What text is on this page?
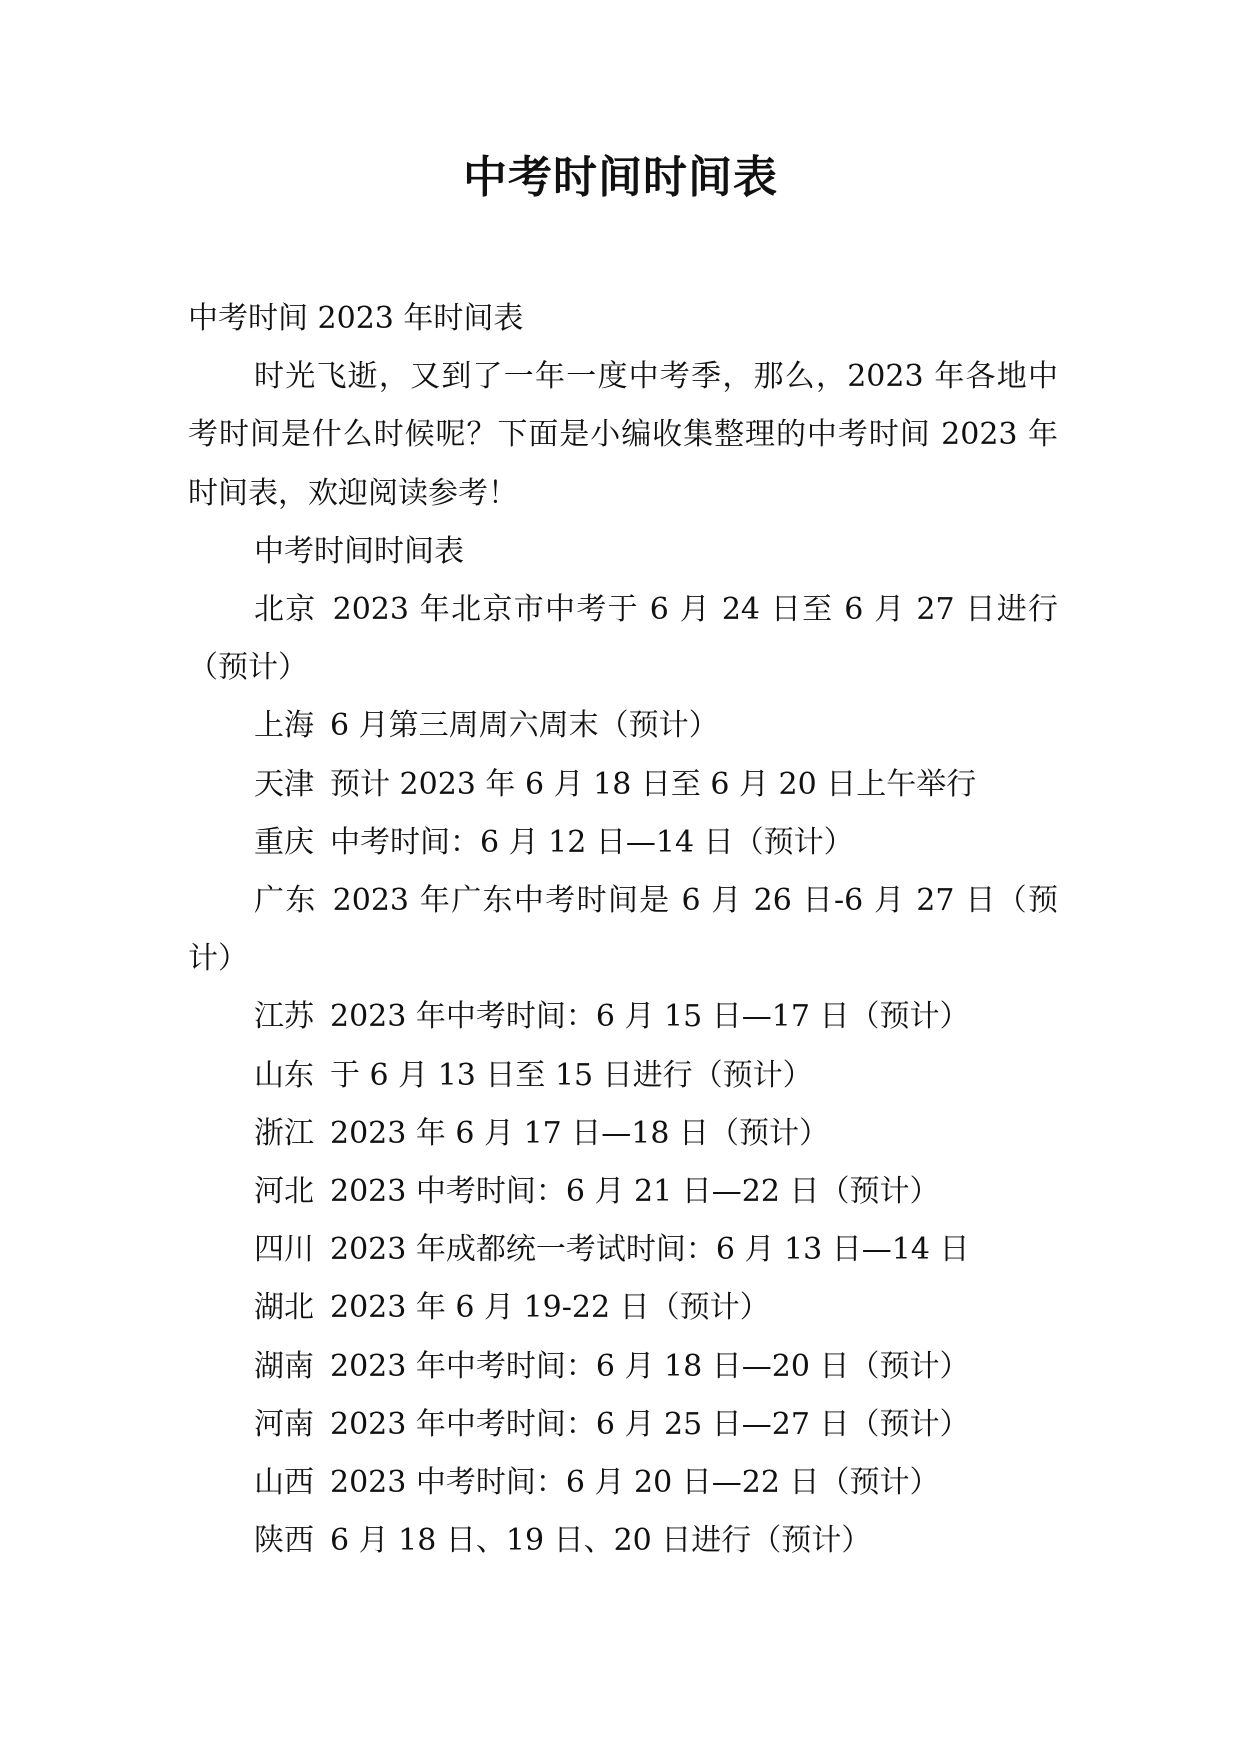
中考时间时间表

中考时间 2023 年时间表

时光飞逝，又到了一年一度中考季，那么，2023 年各地中考时间是什么时候呢？下面是小编收集整理的中考时间 2023 年时间表，欢迎阅读参考！

中考时间时间表

北京 2023 年北京市中考于 6 月 24 日至 6 月 27 日进行（预计）

上海 6 月第三周周六周末（预计）

天津 预计 2023 年 6 月 18 日至 6 月 20 日上午举行

重庆 中考时间：6 月 12 日—14 日（预计）

广东 2023 年广东中考时间是 6 月 26 日-6 月 27 日（预计）

江苏 2023 年中考时间：6 月 15 日—17 日（预计）

山东 于 6 月 13 日至 15 日进行（预计）

浙江 2023 年 6 月 17 日—18 日（预计）

河北 2023 中考时间：6 月 21 日—22 日（预计）

四川 2023 年成都统一考试时间：6 月 13 日—14 日

湖北 2023 年 6 月 19-22 日（预计）

湖南 2023 年中考时间：6 月 18 日—20 日（预计）

河南 2023 年中考时间：6 月 25 日—27 日（预计）

山西 2023 中考时间：6 月 20 日—22 日（预计）

陕西 6 月 18 日、19 日、20 日进行（预计）
